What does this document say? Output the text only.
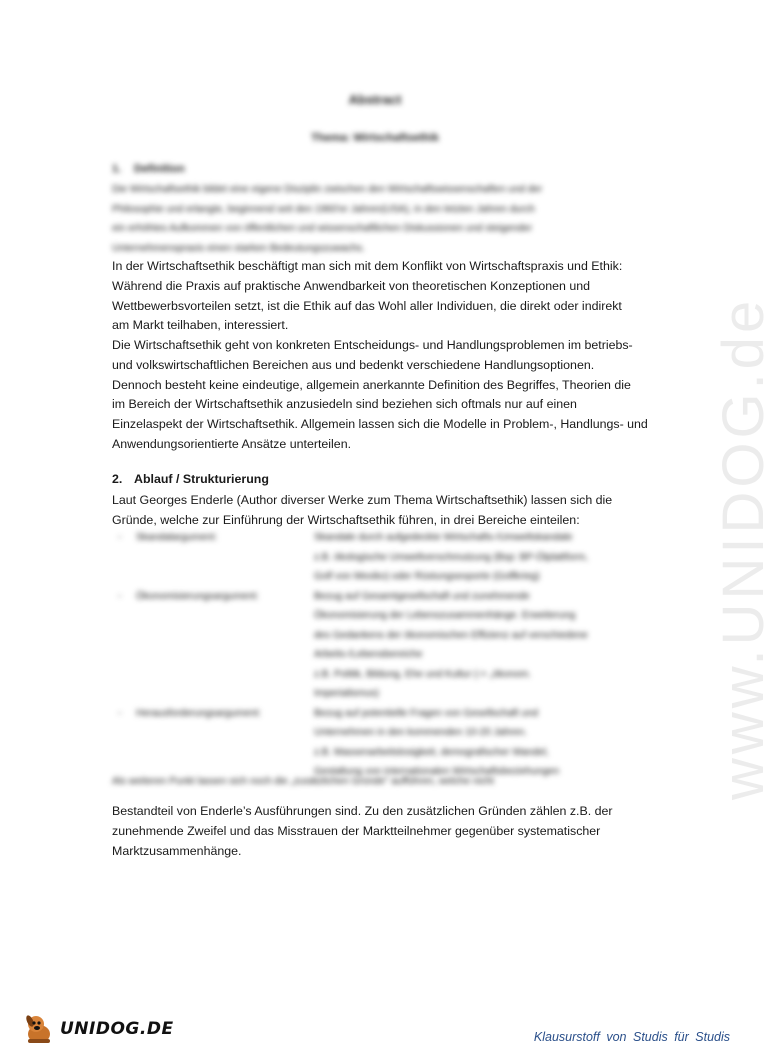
www.UNIDOG.de
Abstract
Thema: Wirtschaftsethik
1. Definition
Die Wirtschaftsethik bildet eine eigene Disziplin zwischen den Wirtschaftswissenschaften und der
Philosophie und erlangte, beginnend seit den 1960'er Jahren(USA), in den letzten Jahren durch
ein erhöhtes Aufkommen von öffentlichen und wissenschaftlichen Diskussionen und steigender
Unternehmenspraxis einen starken Bedeutungszuwachs.
In der Wirtschaftsethik beschäftigt man sich mit dem Konflikt von Wirtschaftspraxis und Ethik:
Während die Praxis auf praktische Anwendbarkeit von theoretischen Konzeptionen und
Wettbewerbsvorteilen setzt, ist die Ethik auf das Wohl aller Individuen, die direkt oder indirekt
am Markt teilhaben, interessiert.
Die Wirtschaftsethik geht von konkreten Entscheidungs- und Handlungsproblemen im betriebs-
und volkswirtschaftlichen Bereichen aus und bedenkt verschiedene Handlungsoptionen.
Dennoch besteht keine eindeutige, allgemein anerkannte Definition des Begriffes, Theorien die
im Bereich der Wirtschaftsethik anzusiedeln sind beziehen sich oftmals nur auf einen
Einzelaspekt der Wirtschaftsethik. Allgemein lassen sich die Modelle in Problem-, Handlungs- und
Anwendungsorientierte Ansätze unterteilen.
2. Ablauf / Strukturierung
Laut Georges Enderle (Author diverser Werke zum Thema Wirtschaftsethik) lassen sich die
Gründe, welche zur Einführung der Wirtschaftsethik führen, in drei Bereiche einteilen:
- Skandalargument:	Skandale durch aufgedeckte Wirtschafts-/Umweltskandale
z.B. ökologische Umweltverschmutzung (Bsp: BP-Ölplattform,
Golf von Mexiko) oder Rüstungsexporte (Golfkrieg)
- Ökonomisierungsargument:	Bezug auf Gesamtgesellschaft und zunehmende
Ökonomisierung der Lebenszusammenhänge. Erweiterung
des Gedankens der ökonomischen Effizienz auf verschiedene
Arbeits-/Lebensbereiche
z.B. Politik, Bildung, Ehe und Kultur (-> „ökonom.
Imperialismus)
- Herausforderungsargument:	Bezug auf potentielle Fragen von Gesellschaft und
Unternehmen in den kommenden 10-20 Jahren.
z.B. Massenarbeitslosigkeit, demografischer Wandel,
Gestaltung von internationalen Wirtschaftsbeziehungen
Als weiteren Punkt lassen sich noch die „zusätzlichen Gründe" aufführen, welche nicht
Bestandteil von Enderle’s Ausführungen sind. Zu den zusätzlichen Gründen zählen z.B. der
zunehmende Zweifel und das Misstrauen der Marktteilnehmer gegenüber systematischer
Marktzusammenhänge.
UNIDOG.DE	Klausurstoff von Studis für Studis
